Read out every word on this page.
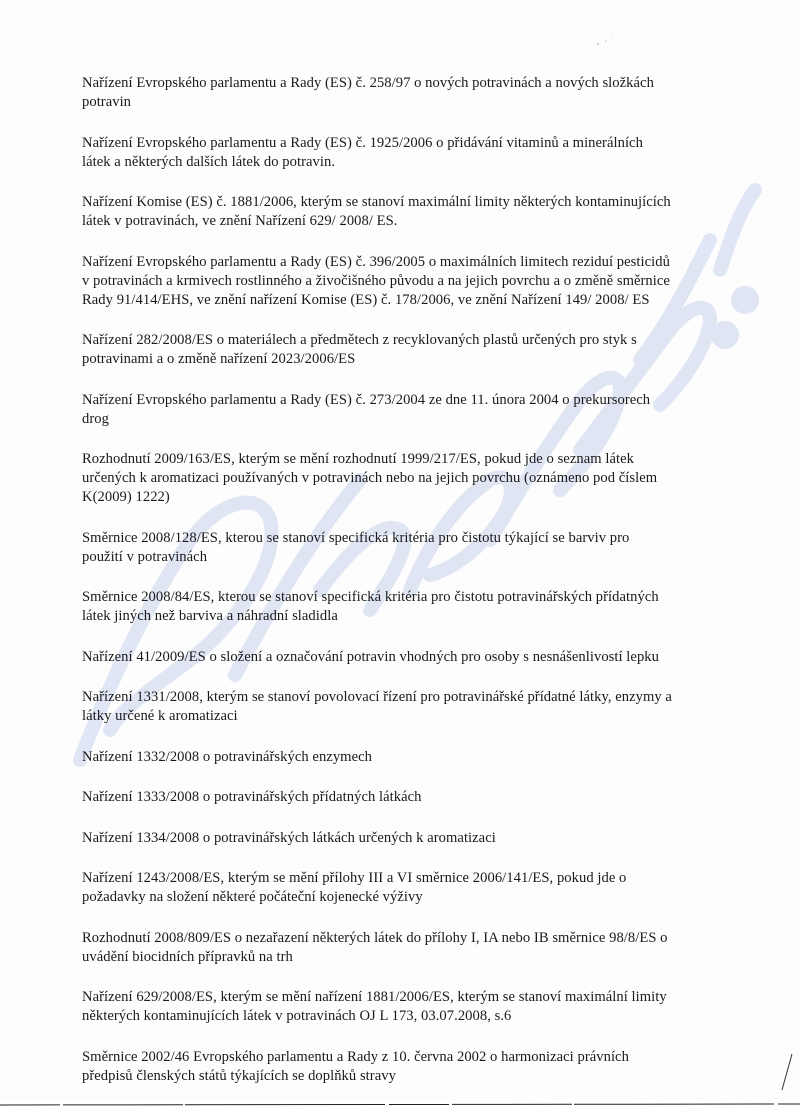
Nařízení Evropského parlamentu a Rady (ES) č. 258/97 o nových potravinách a nových složkách
potravin
Nařízení Evropského parlamentu a Rady (ES) č. 1925/2006 o přidávání vitaminů a minerálních
látek a některých dalších látek do potravin.
Nařízení Komise (ES) č. 1881/2006, kterým se stanoví maximální limity některých kontaminujících
látek v potravinách, ve znění Nařízení 629/ 2008/ ES.
Nařízení Evropského parlamentu a Rady (ES) č. 396/2005 o maximálních limitech reziduí pesticidů
v potravinách a krmivech rostlinného a živočišného původu a na jejich povrchu a o změně směrnice
Rady 91/414/EHS, ve znění nařízení Komise (ES) č. 178/2006, ve znění Nařízení 149/ 2008/ ES
Nařízení 282/2008/ES o materiálech a předmětech z recyklovaných plastů určených pro styk s
potravinami a o změně nařízení 2023/2006/ES
Nařízení Evropského parlamentu a Rady (ES) č. 273/2004 ze dne 11. února 2004 o prekursorech
drog
Rozhodnutí 2009/163/ES, kterým se mění rozhodnutí 1999/217/ES, pokud jde o seznam látek
určených k aromatizaci používaných v potravinách nebo na jejich povrchu (oznámeno pod číslem
K(2009) 1222)
Směrnice 2008/128/ES, kterou se stanoví specifická kritéria pro čistotu týkající se barviv pro
použití v potravinách
Směrnice 2008/84/ES, kterou se stanoví specifická kritéria pro čistotu potravinářských přídatných
látek jiných než barviva a náhradní sladidla
Nařízení 41/2009/ES o složení a označování potravin vhodných pro osoby s nesnášenlivostí lepku
Nařízení 1331/2008, kterým se stanoví povolovací řízení pro potravinářské přídatné látky, enzymy a
látky určené k aromatizaci
Nařízení 1332/2008 o potravinářských enzymech
Nařízení 1333/2008 o potravinářských přídatných látkách
Nařízení 1334/2008 o potravinářských látkách určených k aromatizaci
Nařízení 1243/2008/ES, kterým se mění přílohy III a VI směrnice 2006/141/ES, pokud jde o
požadavky na složení některé počáteční kojenecké výživy
Rozhodnutí 2008/809/ES o nezařazení některých látek do přílohy I, IA nebo IB směrnice 98/8/ES o
uvádění biocidních přípravků na trh
Nařízení 629/2008/ES, kterým se mění nařízení 1881/2006/ES, kterým se stanoví maximální limity
některých kontaminujících látek v potravinách OJ L 173, 03.07.2008, s.6
Směrnice 2002/46 Evropského parlamentu a Rady z 10. června 2002 o harmonizaci právních
předpisů členských států týkajících se doplňků stravy
